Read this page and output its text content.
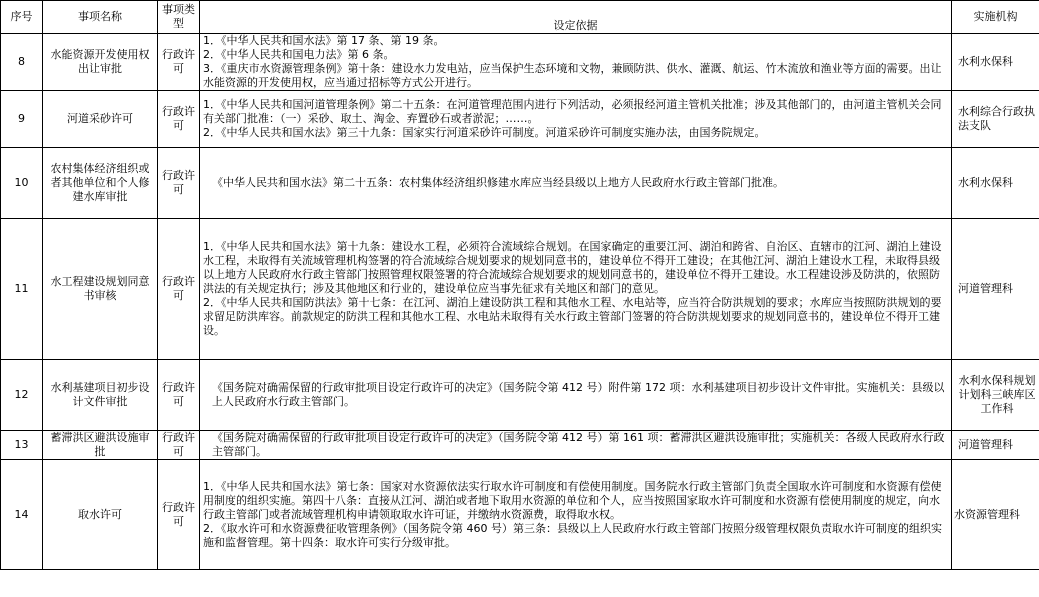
序号	事项名称	事项类型	设定依据	实施机构
8	水能资源开发使用权出让审批	行政许可	1．《中华人民共和国水法》第 17 条、第 19 条。
2．《中华人民共和国电力法》第 6 条。
3．《重庆市水资源管理条例》第十条：建设水力发电站，应当保护生态环境和文物，兼顾防洪、供水、灌溉、航运、竹木流放和渔业等方面的需要。出让水能资源的开发使用权，应当通过招标等方式公开进行。	水利水保科
9	河道采砂许可	行政许可	1．《中华人民共和国河道管理条例》第二十五条：在河道管理范围内进行下列活动，必须报经河道主管机关批准；涉及其他部门的，由河道主管机关会同有关部门批准：（一）采砂、取土、淘金、弃置砂石或者淤泥；……。
2．《中华人民共和国水法》第三十九条：国家实行河道采砂许可制度。河道采砂许可制度实施办法，由国务院规定。	水利综合行政执法支队
10	农村集体经济组织或者其他单位和个人修建水库审批	行政许可	《中华人民共和国水法》第二十五条：农村集体经济组织修建水库应当经县级以上地方人民政府水行政主管部门批准。	水利水保科
11	水工程建设规划同意书审核	行政许可	1．《中华人民共和国水法》第十九条：建设水工程，必须符合流域综合规划。在国家确定的重要江河、湖泊和跨省、自治区、直辖市的江河、湖泊上建设水工程，未取得有关流域管理机构签署的符合流域综合规划要求的规划同意书的，建设单位不得开工建设；在其他江河、湖泊上建设水工程，未取得县级以上地方人民政府水行政主管部门按照管理权限签署的符合流域综合规划要求的规划同意书的，建设单位不得开工建设。水工程建设涉及防洪的，依照防洪法的有关规定执行；涉及其他地区和行业的，建设单位应当事先征求有关地区和部门的意见。
2．《中华人民共和国防洪法》第十七条：在江河、湖泊上建设防洪工程和其他水工程、水电站等，应当符合防洪规划的要求；水库应当按照防洪规划的要求留足防洪库容。前款规定的防洪工程和其他水工程、水电站未取得有关水行政主管部门签署的符合防洪规划要求的规划同意书的，建设单位不得开工建设。	河道管理科
12	水利基建项目初步设计文件审批	行政许可	《国务院对确需保留的行政审批项目设定行政许可的决定》（国务院令第 412 号）附件第 172 项：水利基建项目初步设计文件审批。实施机关：县级以上人民政府水行政主管部门。	水利水保科规划计划科三峡库区工作科
13	蓄滞洪区避洪设施审批	行政许可	《国务院对确需保留的行政审批项目设定行政许可的决定》（国务院令第 412 号）第 161 项：蓄滞洪区避洪设施审批；实施机关：各级人民政府水行政主管部门。	河道管理科
14	取水许可	行政许可	1．《中华人民共和国水法》第七条：国家对水资源依法实行取水许可制度和有偿使用制度。国务院水行政主管部门负责全国取水许可制度和水资源有偿使用制度的组织实施。第四十八条：直接从江河、湖泊或者地下取用水资源的单位和个人，应当按照国家取水许可制度和水资源有偿使用制度的规定，向水行政主管部门或者流域管理机构申请领取取水许可证，并缴纳水资源费，取得取水权。
2．《取水许可和水资源费征收管理条例》（国务院令第 460 号）第三条：县级以上人民政府水行政主管部门按照分级管理权限负责取水许可制度的组织实施和监督管理。第十四条：取水许可实行分级审批。	水资源管理科
